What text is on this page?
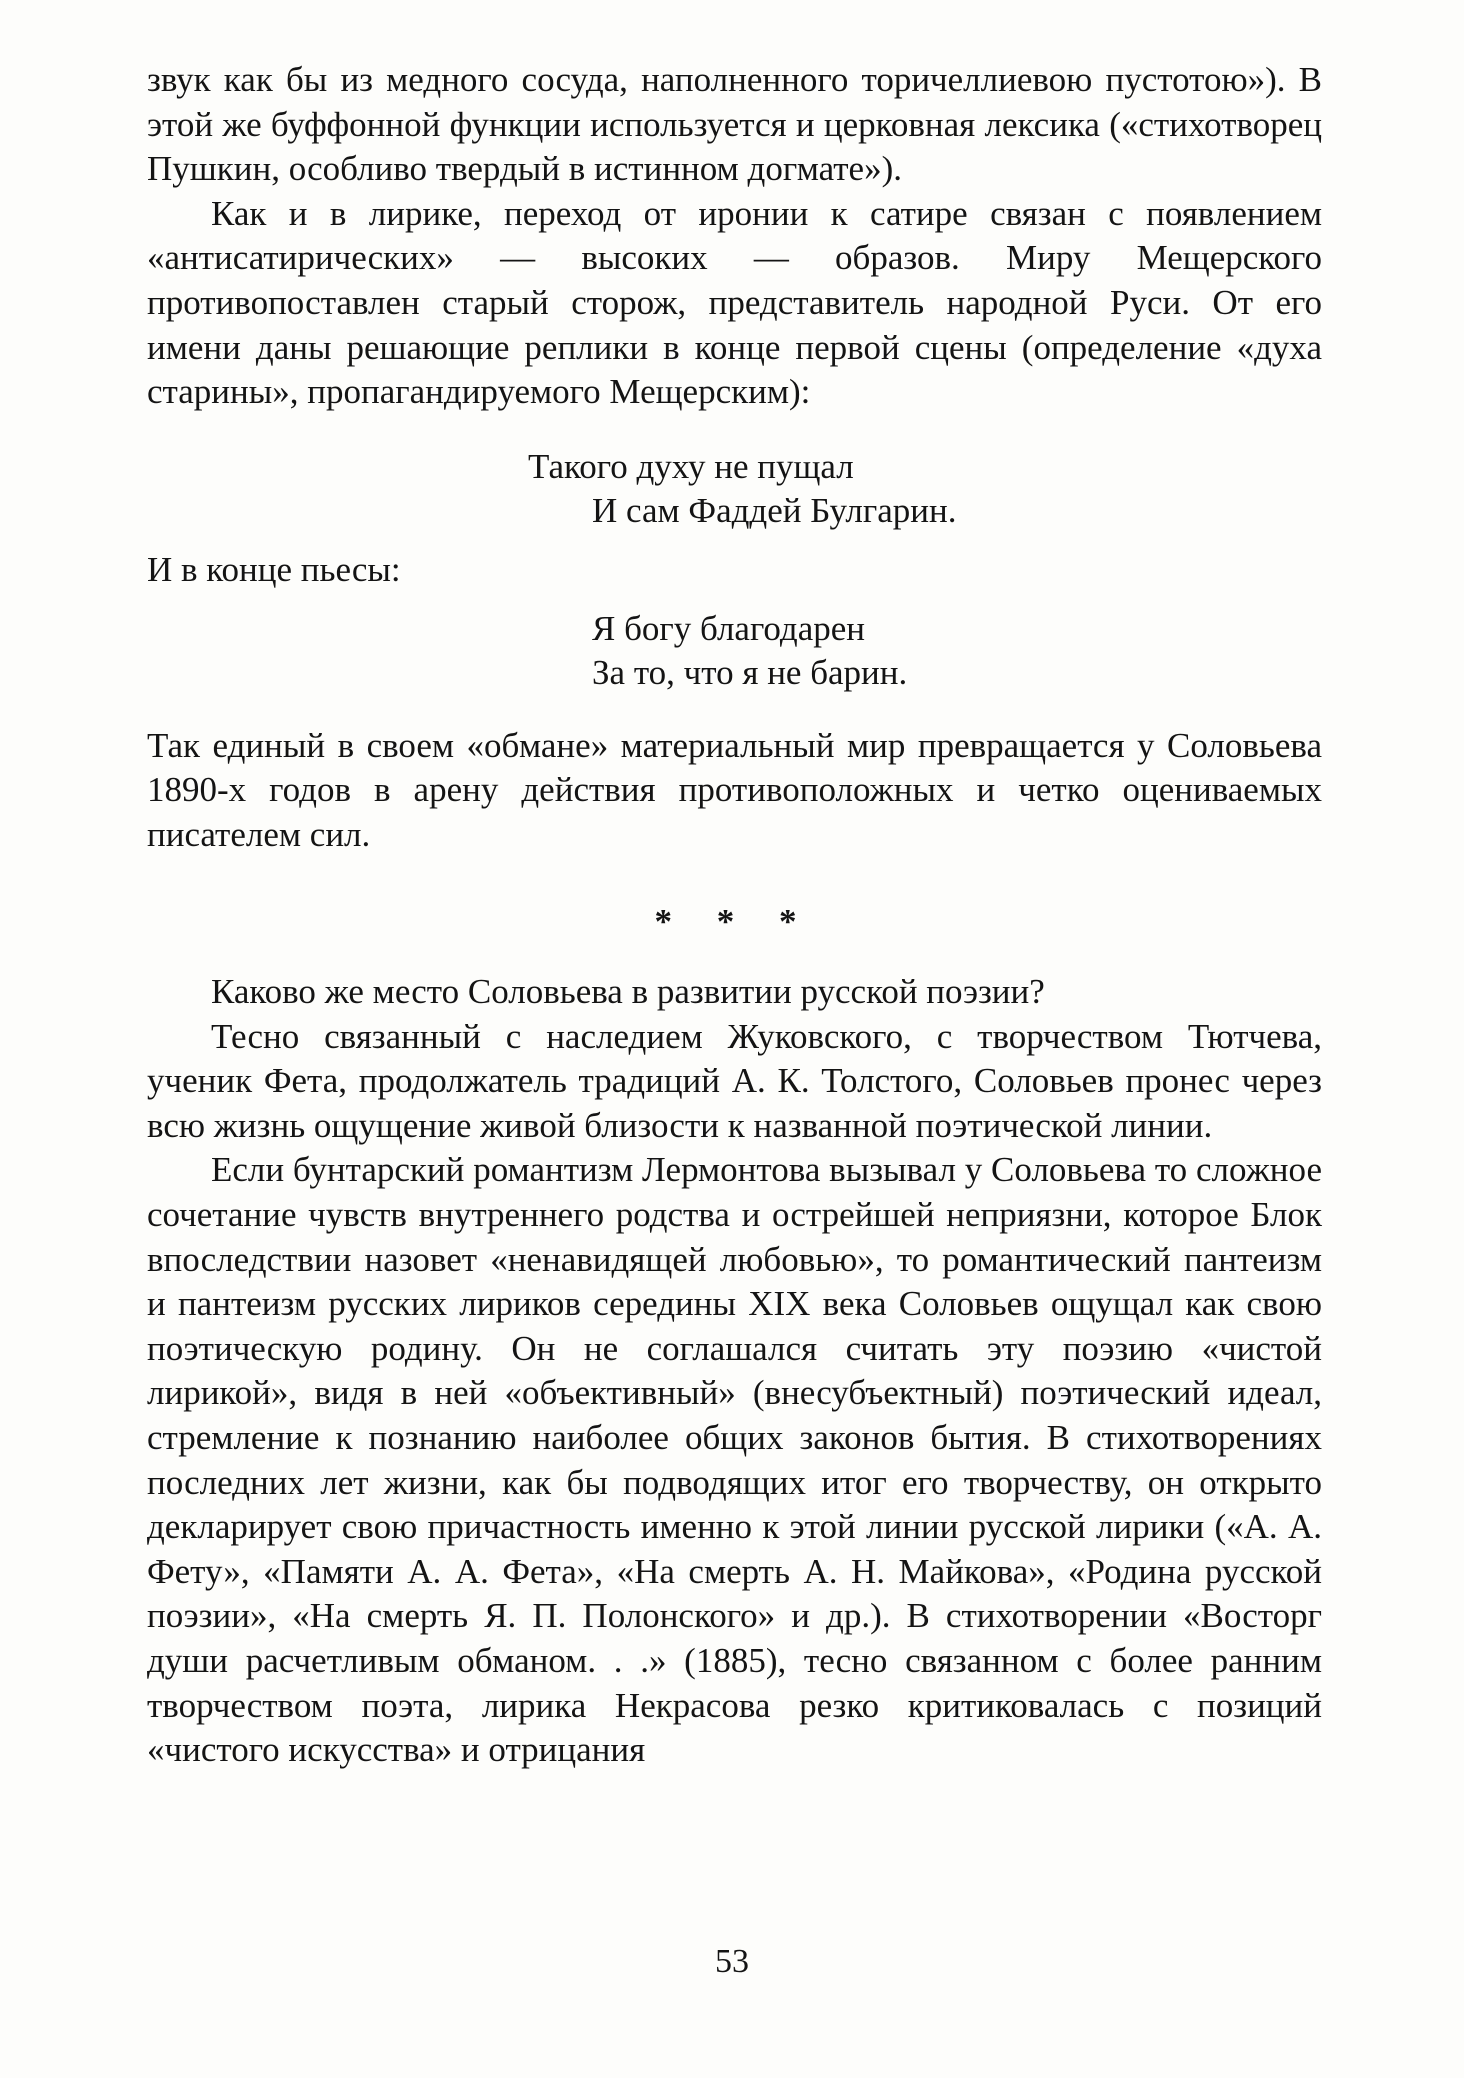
звук как бы из медного сосуда, наполненного торичеллиевою пустотою»). В этой же буффонной функции используется и церковная лексика («стихотворец Пушкин, особливо твердый в истинном догмате»).

Как и в лирике, переход от иронии к сатире связан с появлением «антисатирических» — высоких — образов. Миру Мещерского противопоставлен старый сторож, представитель народной Руси. От его имени даны решающие реплики в конце первой сцены (определение «духа старины», пропагандируемого Мещерским):

Такого духу не пущал
И сам Фаддей Булгарин.

И в конце пьесы:

Я богу благодарен
За то, что я не барин.

Так единый в своем «обмане» материальный мир превращается у Соловьева 1890-х годов в арену действия противоположных и четко оцениваемых писателем сил.

* * *

Каково же место Соловьева в развитии русской поэзии?

Тесно связанный с наследием Жуковского, с творчеством Тютчева, ученик Фета, продолжатель традиций А. К. Толстого, Соловьев пронес через всю жизнь ощущение живой близости к названной поэтической линии.

Если бунтарский романтизм Лермонтова вызывал у Соловьева то сложное сочетание чувств внутреннего родства и острейшей неприязни, которое Блок впоследствии назовет «ненавидящей любовью», то романтический пантеизм и пантеизм русских лириков середины XIX века Соловьев ощущал как свою поэтическую родину. Он не соглашался считать эту поэзию «чистой лирикой», видя в ней «объективный» (внесубъектный) поэтический идеал, стремление к познанию наиболее общих законов бытия. В стихотворениях последних лет жизни, как бы подводящих итог его творчеству, он открыто декларирует свою причастность именно к этой линии русской лирики («А. А. Фету», «Памяти А. А. Фета», «На смерть А. Н. Майкова», «Родина русской поэзии», «На смерть Я. П. Полонского» и др.). В стихотворении «Восторг души расчетливым обманом. . .» (1885), тесно связанном с более ранним творчеством поэта, лирика Некрасова резко критиковалась с позиций «чистого искусства» и отрицания

53
